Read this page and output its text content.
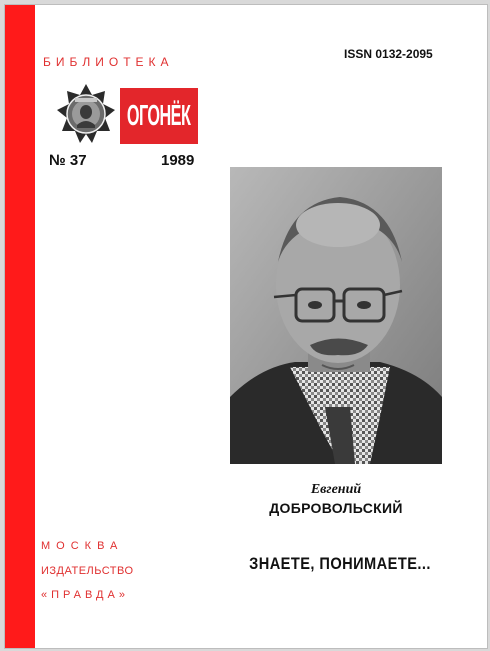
БИБЛИОТЕКА
ISSN 0132-2095
ОГОНЁК
№ 37	1989
Евгений
ДОБРОВОЛЬСКИЙ
ЗНАЕТЕ, ПОНИМАЕТЕ...
МОСКВА
ИЗДАТЕЛЬСТВО
«ПРАВДА»
